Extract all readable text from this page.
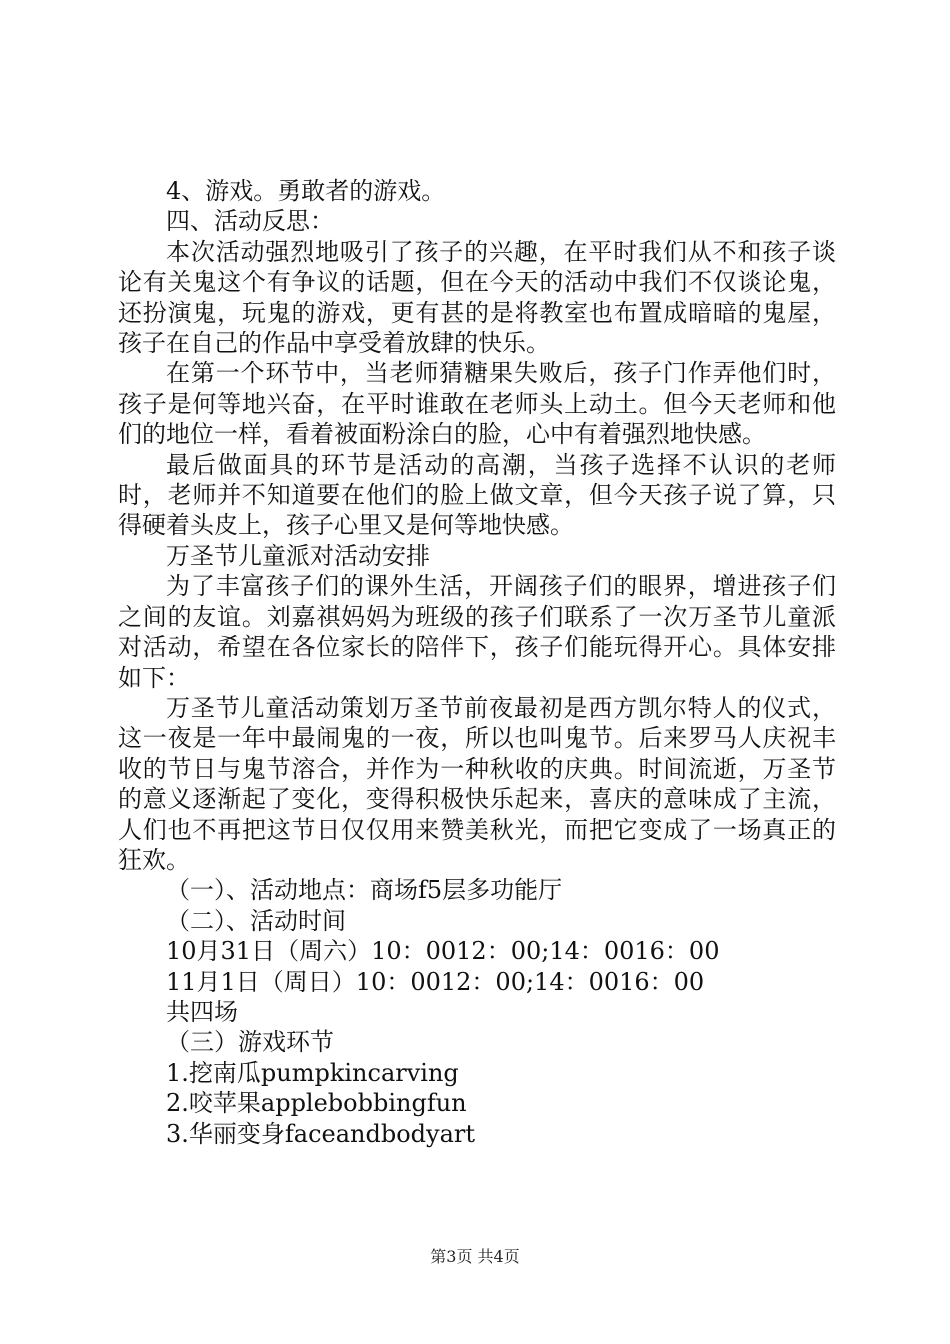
4、游戏。勇敢者的游戏。

四、活动反思：

本次活动强烈地吸引了孩子的兴趣，在平时我们从不和孩子谈论有关鬼这个有争议的话题，但在今天的活动中我们不仅谈论鬼，还扮演鬼，玩鬼的游戏，更有甚的是将教室也布置成暗暗的鬼屋，孩子在自己的作品中享受着放肆的快乐。

在第一个环节中，当老师猜糖果失败后，孩子门作弄他们时，孩子是何等地兴奋，在平时谁敢在老师头上动土。但今天老师和他们的地位一样，看着被面粉涂白的脸，心中有着强烈地快感。

最后做面具的环节是活动的高潮，当孩子选择不认识的老师时，老师并不知道要在他们的脸上做文章，但今天孩子说了算，只得硬着头皮上，孩子心里又是何等地快感。

万圣节儿童派对活动安排

为了丰富孩子们的课外生活，开阔孩子们的眼界，增进孩子们之间的友谊。刘嘉祺妈妈为班级的孩子们联系了一次万圣节儿童派对活动，希望在各位家长的陪伴下，孩子们能玩得开心。具体安排如下：

万圣节儿童活动策划万圣节前夜最初是西方凯尔特人的仪式，这一夜是一年中最闹鬼的一夜，所以也叫鬼节。后来罗马人庆祝丰收的节日与鬼节溶合，并作为一种秋收的庆典。时间流逝，万圣节的意义逐渐起了变化，变得积极快乐起来，喜庆的意味成了主流，人们也不再把这节日仅仅用来赞美秋光，而把它变成了一场真正的狂欢。

（一）、活动地点：商场f5层多功能厅

（二）、活动时间

10月31日（周六）10：0012：00;14：0016：00

11月1日（周日）10：0012：00;14：0016：00

共四场

（三）游戏环节

1.挖南瓜pumpkincarving

2.咬苹果applebobbingfun

3.华丽变身faceandbodyart

第3页 共4页
